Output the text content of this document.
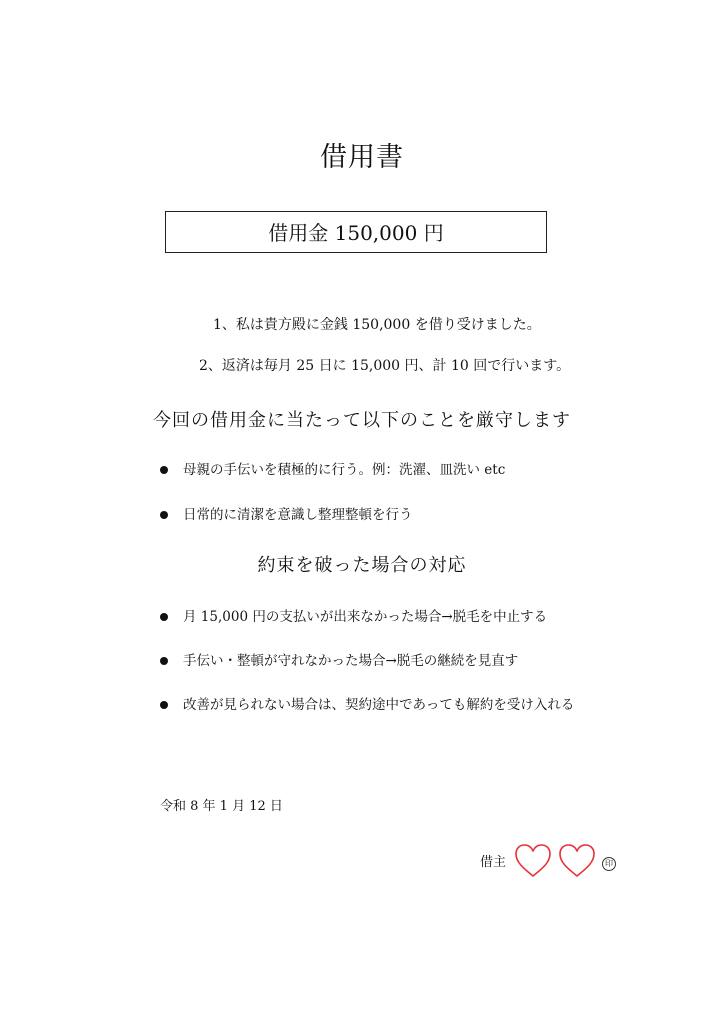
借用書
借用金 150,000 円
1、私は貴方殿に金銭 150,000 を借り受けました。
2、返済は毎月 25 日に 15,000 円、計 10 回で行います。
今回の借用金に当たって以下のことを厳守します
母親の手伝いを積極的に行う。例：洗濯、皿洗い etc
日常的に清潔を意識し整理整頓を行う
約束を破った場合の対応
月 15,000 円の支払いが出来なかった場合→脱毛を中止する
手伝い・整頓が守れなかった場合→脱毛の継続を見直す
改善が見られない場合は、契約途中であっても解約を受け入れる
令和 8 年 1 月 12 日
借主	印
